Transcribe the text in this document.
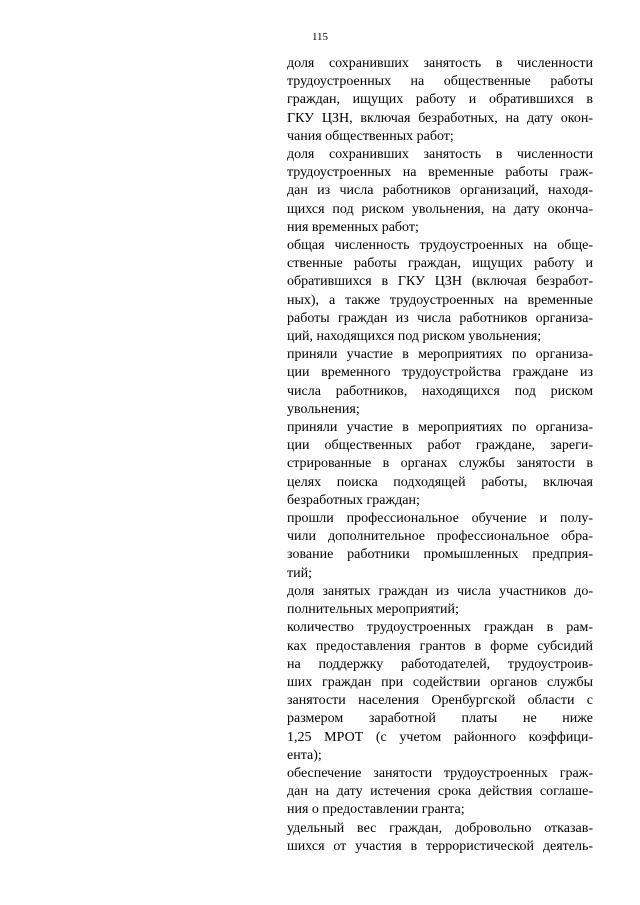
115

доля сохранивших занятость в численности
трудоустроенных на общественные работы
граждан, ищущих работу и обратившихся в
ГКУ ЦЗН, включая безработных, на дату окон-
чания общественных работ;

доля сохранивших занятость в численности
трудоустроенных на временные работы граж-
дан из числа работников организаций, находя-
щихся под риском увольнения, на дату оконча-
ния временных работ;

общая численность трудоустроенных на обще-
ственные работы граждан, ищущих работу и
обратившихся в ГКУ ЦЗН (включая безработ-
ных), а также трудоустроенных на временные
работы граждан из числа работников организа-
ций, находящихся под риском увольнения;

приняли участие в мероприятиях по организа-
ции временного трудоустройства граждане из
числа работников, находящихся под риском
увольнения;

приняли участие в мероприятиях по организа-
ции общественных работ граждане, зареги-
стрированные в органах службы занятости в
целях поиска подходящей работы, включая
безработных граждан;

прошли профессиональное обучение и полу-
чили дополнительное профессиональное обра-
зование работники промышленных предприя-
тий;

доля занятых граждан из числа участников до-
полнительных мероприятий;

количество трудоустроенных граждан в рам-
ках предоставления грантов в форме субсидий
на поддержку работодателей, трудоустроив-
ших граждан при содействии органов службы
занятости населения Оренбургской области с
размером заработной платы не ниже
1,25 МРОТ (с учетом районного коэффици-
ента);

обеспечение занятости трудоустроенных граж-
дан на дату истечения срока действия соглаше-
ния о предоставлении гранта;

удельный вес граждан, добровольно отказав-
шихся от участия в террористической деятель-
